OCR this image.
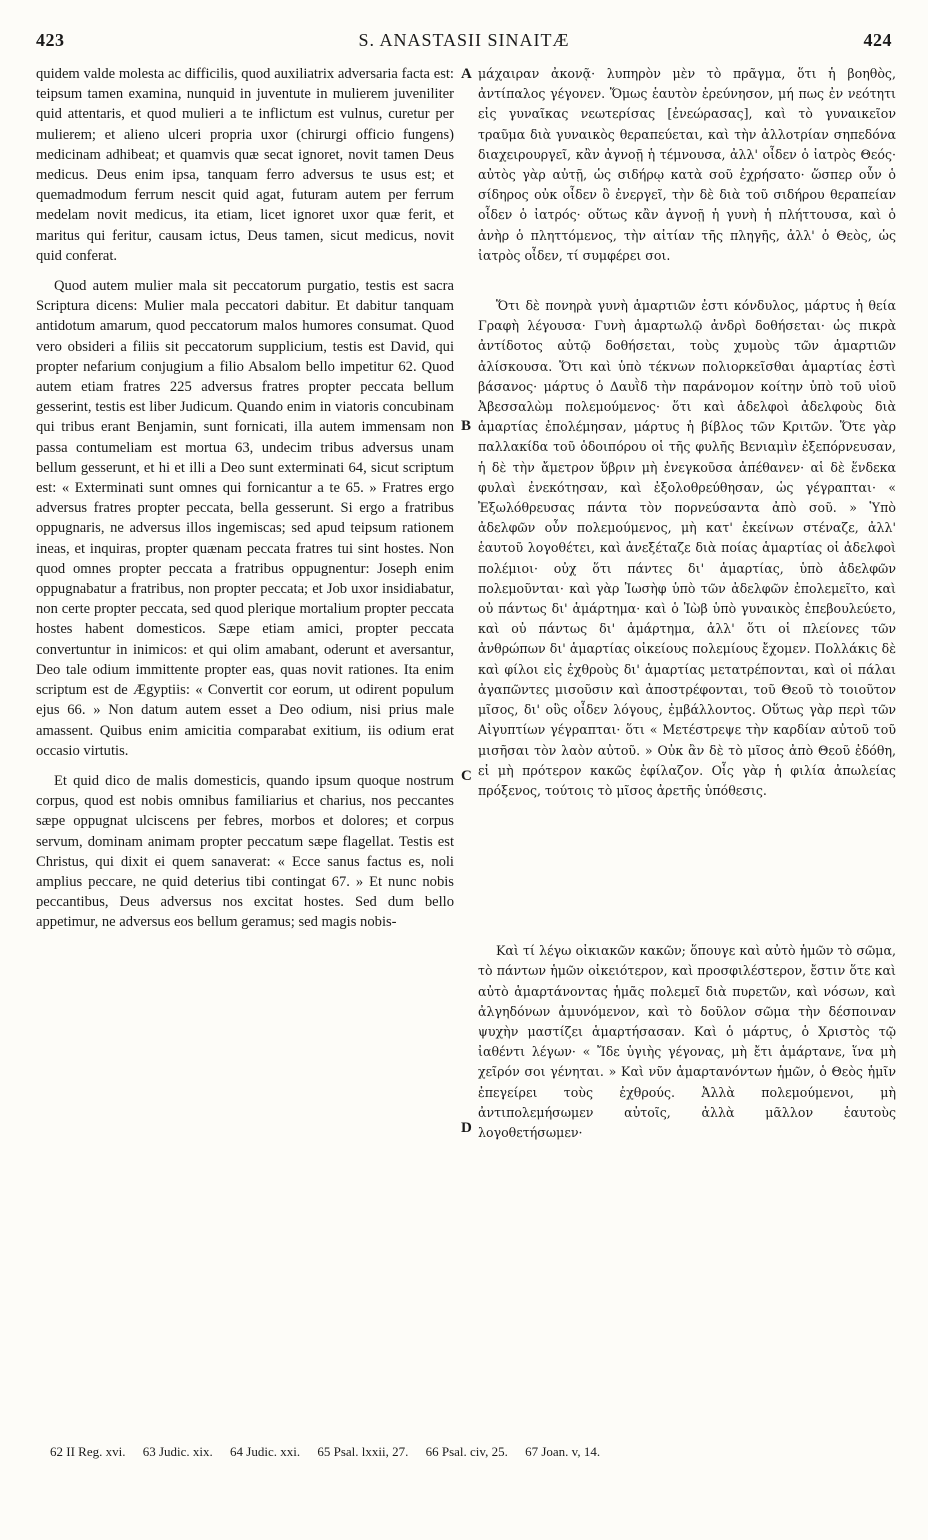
423	S. ANASTASII SINAITÆ	424

quidem valde molesta ac difficilis, quod auxiliatrix adversaria facta est: teipsum tamen examina, nunquid in juventute in mulierem juveniliter quid attentaris, et quod mulieri a te inflictum est vulnus, curetur per mulierem; et alieno ulceri propria uxor (chirurgi officio fungens) medicinam adhibeat; et quamvis quæ secat ignoret, novit tamen Deus medicus. Deus enim ipsa, tanquam ferro adversus te usus est; et quemadmodum ferrum nescit quid agat, futuram autem per ferrum medelam novit medicus, ita etiam, licet ignoret uxor quæ ferit, et maritus qui feritur, causam ictus, Deus tamen, sicut medicus, novit quid conferat.

Quod autem mulier mala sit peccatorum purgatio, testis est sacra Scriptura dicens: Mulier mala peccatori dabitur. Et dabitur tanquam antidotum amarum, quod peccatorum malos humores consumat. Quod vero obsideri a filiis sit peccatorum supplicium, testis est David, qui propter nefarium conjugium a filio Absalom bello impetitur 62. Quod autem etiam fratres 225 adversus fratres propter peccata bellum gesserint, testis est liber Judicum. Quando enim in viatoris concubinam qui tribus erant Benjamin, sunt fornicati, illa autem immensam non passa contumeliam est mortua 63, undecim tribus adversus unam bellum gesserunt, et hi et illi a Deo sunt exterminati 64, sicut scriptum est: « Exterminati sunt omnes qui fornicantur a te 65. » Fratres ergo adversus fratres propter peccata, bella gesserunt. Si ergo a fratribus oppugnaris, ne adversus illos ingemiscas; sed apud teipsum rationem ineas, et inquiras, propter quænam peccata fratres tui sint hostes. Non quod omnes propter peccata a fratribus oppugnentur: Joseph enim oppugnabatur a fratribus, non propter peccata; et Job uxor insidiabatur, non certe propter peccata, sed quod plerique mortalium propter peccata hostes habent domesticos. Sæpe etiam amici, propter peccata convertuntur in inimicos: et qui olim amabant, oderunt et aversantur, Deo tale odium immittente propter eas, quas novit rationes. Ita enim scriptum est de Ægyptiis: « Convertit cor eorum, ut odirent populum ejus 66. » Non datum autem esset a Deo odium, nisi prius male amassent. Quibus enim amicitia comparabat exitium, iis odium erat occasio virtutis.

Et quid dico de malis domesticis, quando ipsum quoque nostrum corpus, quod est nobis omnibus familiarius et charius, nos peccantes sæpe oppugnat ulciscens per febres, morbos et dolores; et corpus servum, dominam animam propter peccatum sæpe flagellat. Testis est Christus, qui dixit ei quem sanaverat: « Ecce sanus factus es, noli amplius peccare, ne quid deterius tibi contingat 67. » Et nunc nobis peccantibus, Deus adversus nos excitat hostes. Sed dum bello appetimur, ne adversus eos bellum geramus; sed magis nobis-

A
B
C
D

μάχαιραν ἀκονᾷ· λυπηρὸν μὲν τὸ πρᾶγμα, ὅτι ἡ βοηθὸς, ἀντίπαλος γέγονεν. Ὅμως ἑαυτὸν ἐρεύνησον, μή πως ἐν νεότητι εἰς γυναῖκας νεωτερίσας [ἐνεώρασας], καὶ τὸ γυναικεῖον τραῦμα διὰ γυναικὸς θεραπεύεται, καὶ τὴν ἀλλοτρίαν σηπεδόνα διαχειρουργεῖ, κἂν ἀγνοῇ ἡ τέμνουσα, ἀλλ' οἶδεν ὁ ἰατρὸς Θεός· αὐτὸς γὰρ αὐτῇ, ὡς σιδήρῳ κατὰ σοῦ ἐχρήσατο· ὥσπερ οὖν ὁ σίδηρος οὐκ οἶδεν ὃ ἐνεργεῖ, τὴν δὲ διὰ τοῦ σιδήρου θεραπείαν οἶδεν ὁ ἰατρός· οὕτως κἂν ἀγνοῇ ἡ γυνὴ ἡ πλήττουσα, καὶ ὁ ἀνὴρ ὁ πληττόμενος, τὴν αἰτίαν τῆς πληγῆς, ἀλλ' ὁ Θεὸς, ὡς ἰατρὸς οἶδεν, τί συμφέρει σοι.

Ὅτι δὲ πονηρὰ γυνὴ ἁμαρτιῶν ἐστι κόνδυλος, μάρτυς ἡ θεία Γραφὴ λέγουσα· Γυνὴ ἁμαρτωλῷ ἀνδρὶ δοθήσεται· ὡς πικρὰ ἀντίδοτος αὐτῷ δοθήσεται, τοὺς χυμοὺς τῶν ἁμαρτιῶν ἀλίσκουσα. Ὅτι καὶ ὑπὸ τέκνων πολιορκεῖσθαι ἁμαρτίας ἐστὶ βάσανος· μάρτυς ὁ Δαυῒδ τὴν παράνομον κοίτην ὑπὸ τοῦ υἱοῦ Ἀβεσσαλὼμ πολεμούμενος· ὅτι καὶ ἀδελφοὶ ἀδελφοὺς διὰ ἁμαρτίας ἐπολέμησαν, μάρτυς ἡ βίβλος τῶν Κριτῶν. Ὅτε γὰρ παλλακίδα τοῦ ὁδοιπόρου οἱ τῆς φυλῆς Βενιαμὶν ἐξεπόρνευσαν, ἡ δὲ τὴν ἄμετρον ὕβριν μὴ ἐνεγκοῦσα ἀπέθανεν· αἱ δὲ ἕνδεκα φυλαὶ ἐνεκότησαν, καὶ ἐξολοθρεύθησαν, ὡς γέγραπται· « Ἐξωλόθρευσας πάντα τὸν πορνεύσαντα ἀπὸ σοῦ. » Ὑπὸ ἀδελφῶν οὖν πολεμούμενος, μὴ κατ' ἐκείνων στέναζε, ἀλλ' ἑαυτοῦ λογοθέτει, καὶ ἀνεξέταζε διὰ ποίας ἁμαρτίας οἱ ἀδελφοὶ πολέμιοι· οὐχ ὅτι πάντες δι' ἁμαρτίας, ὑπὸ ἀδελφῶν πολεμοῦνται· καὶ γὰρ Ἰωσὴφ ὑπὸ τῶν ἀδελφῶν ἐπολεμεῖτο, καὶ οὐ πάντως δι' ἁμάρτημα· καὶ ὁ Ἰὼβ ὑπὸ γυναικὸς ἐπεβουλεύετο, καὶ οὐ πάντως δι' ἁμάρτημα, ἀλλ' ὅτι οἱ πλείονες τῶν ἀνθρώπων δι' ἁμαρτίας οἰκείους πολεμίους ἔχομεν. Πολλάκις δὲ καὶ φίλοι εἰς ἐχθροὺς δι' ἁμαρτίας μετατρέπονται, καὶ οἱ πάλαι ἀγαπῶντες μισοῦσιν καὶ ἀποστρέφονται, τοῦ Θεοῦ τὸ τοιοῦτον μῖσος, δι' οὓς οἶδεν λόγους, ἐμβάλλοντος. Οὕτως γὰρ περὶ τῶν Αἰγυπτίων γέγραπται· ὅτι « Μετέστρεψε τὴν καρδίαν αὐτοῦ τοῦ μισῆσαι τὸν λαὸν αὐτοῦ. » Οὐκ ἂν δὲ τὸ μῖσος ἀπὸ Θεοῦ ἐδόθη, εἰ μὴ πρότερον κακῶς ἐφίλαζον. Οἷς γὰρ ἡ φιλία ἀπωλείας πρόξενος, τούτοις τὸ μῖσος ἀρετῆς ὑπόθεσις.

Καὶ τί λέγω οἰκιακῶν κακῶν; ὅπουγε καὶ αὐτὸ ἡμῶν τὸ σῶμα, τὸ πάντων ἡμῶν οἰκειότερον, καὶ προσφιλέστερον, ἔστιν ὅτε καὶ αὐτὸ ἁμαρτάνοντας ἡμᾶς πολεμεῖ διὰ πυρετῶν, καὶ νόσων, καὶ ἀλγηδόνων ἀμυνόμενον, καὶ τὸ δοῦλον σῶμα τὴν δέσποιναν ψυχὴν μαστίζει ἁμαρτήσασαν. Καὶ ὁ μάρτυς, ὁ Χριστὸς τῷ ἰαθέντι λέγων· « Ἴδε ὑγιὴς γέγονας, μὴ ἔτι ἁμάρτανε, ἵνα μὴ χεῖρόν σοι γένηται. » Καὶ νῦν ἁμαρτανόντων ἡμῶν, ὁ Θεὸς ἡμῖν ἐπεγείρει τοὺς ἐχθρούς. Ἀλλὰ πολεμούμενοι, μὴ ἀντιπολεμήσωμεν αὐτοῖς, ἀλλὰ μᾶλλον ἑαυτοὺς λογοθετήσωμεν·

62 II Reg. xvi. 63 Judic. xix. 64 Judic. xxi. 65 Psal. lxxii, 27. 66 Psal. civ, 25. 67 Joan. v, 14.
